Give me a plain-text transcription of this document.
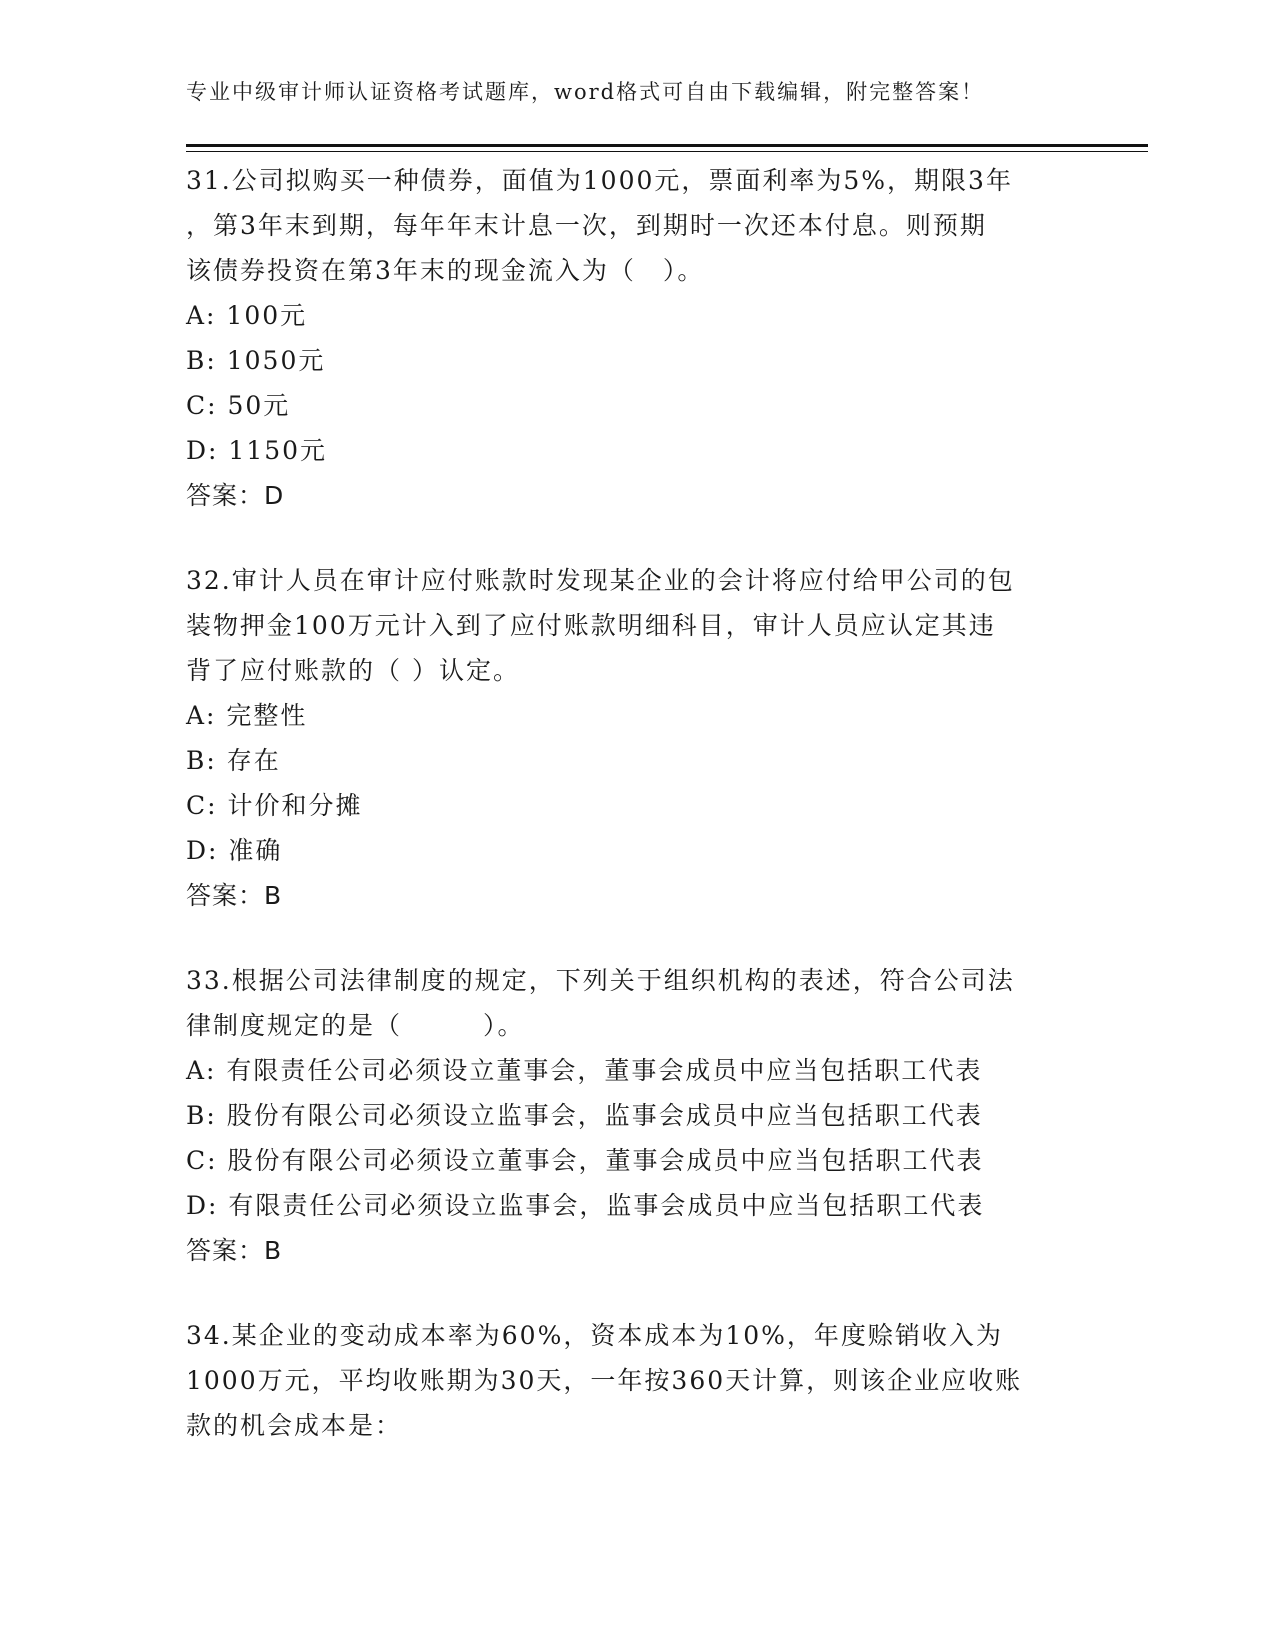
专业中级审计师认证资格考试题库，word格式可自由下载编辑，附完整答案！

31.公司拟购买一种债券，面值为1000元，票面利率为5%，期限3年
，第3年末到期，每年年末计息一次，到期时一次还本付息。则预期
该债券投资在第3年末的现金流入为（　）。

A: 100元

B: 1050元

C: 50元

D: 1150元

答案：D

32.审计人员在审计应付账款时发现某企业的会计将应付给甲公司的包
装物押金100万元计入到了应付账款明细科目，审计人员应认定其违
背了应付账款的（ ）认定。

A: 完整性

B: 存在

C: 计价和分摊

D: 准确

答案：B

33.根据公司法律制度的规定，下列关于组织机构的表述，符合公司法
律制度规定的是（　　　）。

A: 有限责任公司必须设立董事会，董事会成员中应当包括职工代表

B: 股份有限公司必须设立监事会，监事会成员中应当包括职工代表

C: 股份有限公司必须设立董事会，董事会成员中应当包括职工代表

D: 有限责任公司必须设立监事会，监事会成员中应当包括职工代表

答案：B

34.某企业的变动成本率为60%，资本成本为10%，年度赊销收入为
1000万元，平均收账期为30天，一年按360天计算，则该企业应收账
款的机会成本是：
